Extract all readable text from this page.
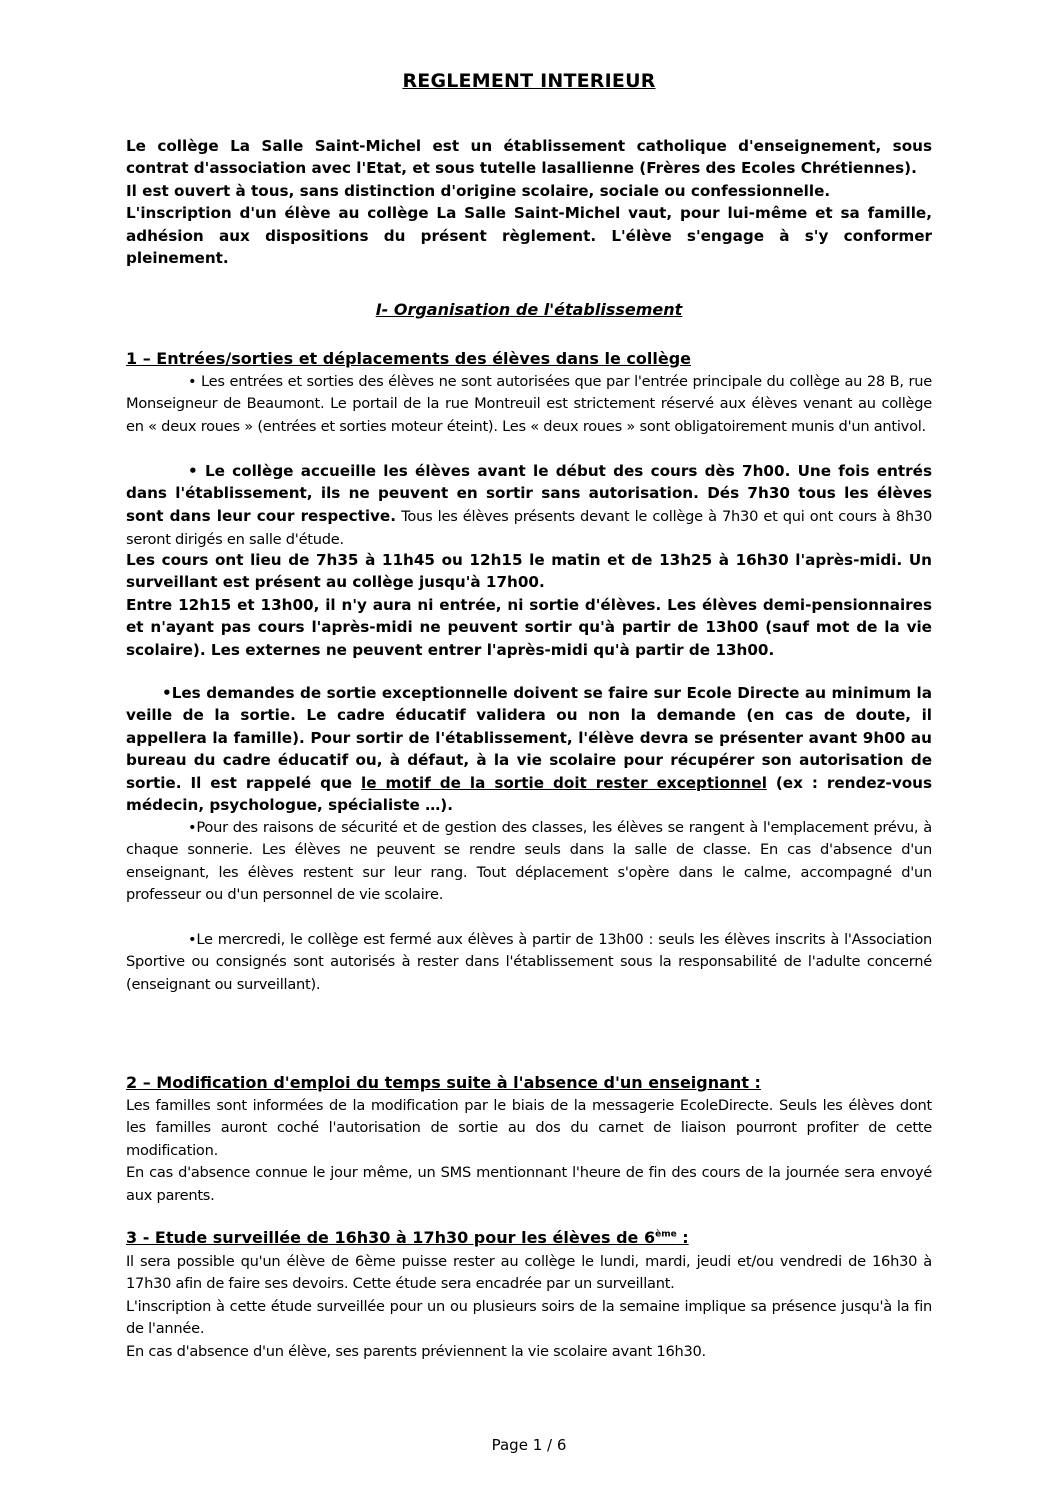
REGLEMENT INTERIEUR

Le collège La Salle Saint-Michel est un établissement catholique d'enseignement, sous contrat d'association avec l'Etat, et sous tutelle lasallienne (Frères des Ecoles Chrétiennes).

Il est ouvert à tous, sans distinction d'origine scolaire, sociale ou confessionnelle.

L'inscription d'un élève au collège La Salle Saint-Michel vaut, pour lui-même et sa famille, adhésion aux dispositions du présent règlement. L'élève s'engage à s'y conformer pleinement.

I- Organisation de l'établissement
1 – Entrées/sorties et déplacements des élèves dans le collège

• Les entrées et sorties des élèves ne sont autorisées que par l'entrée principale du collège au 28 B, rue Monseigneur de Beaumont. Le portail de la rue Montreuil est strictement réservé aux élèves venant au collège en « deux roues » (entrées et sorties moteur éteint). Les « deux roues » sont obligatoirement munis d'un antivol.

• Le collège accueille les élèves avant le début des cours dès 7h00. Une fois entrés dans l'établissement, ils ne peuvent en sortir sans autorisation. Dés 7h30 tous les élèves sont dans leur cour respective. Tous les élèves présents devant le collège à 7h30 et qui ont cours à 8h30 seront dirigés en salle d'étude.

Les cours ont lieu de 7h35 à 11h45 ou 12h15 le matin et de 13h25 à 16h30 l'après-midi. Un surveillant est présent au collège jusqu'à 17h00.

Entre 12h15 et 13h00, il n'y aura ni entrée, ni sortie d'élèves. Les élèves demi-pensionnaires et n'ayant pas cours l'après-midi ne peuvent sortir qu'à partir de 13h00 (sauf mot de la vie scolaire). Les externes ne peuvent entrer l'après-midi qu'à partir de 13h00.

•Les demandes de sortie exceptionnelle doivent se faire sur Ecole Directe au minimum la veille de la sortie. Le cadre éducatif validera ou non la demande (en cas de doute, il appellera la famille). Pour sortir de l'établissement, l'élève devra se présenter avant 9h00 au bureau du cadre éducatif ou, à défaut, à la vie scolaire pour récupérer son autorisation de sortie. Il est rappelé que le motif de la sortie doit rester exceptionnel (ex : rendez-vous médecin, psychologue, spécialiste …).

•Pour des raisons de sécurité et de gestion des classes, les élèves se rangent à l'emplacement prévu, à chaque sonnerie. Les élèves ne peuvent se rendre seuls dans la salle de classe. En cas d'absence d'un enseignant, les élèves restent sur leur rang. Tout déplacement s'opère dans le calme, accompagné d'un professeur ou d'un personnel de vie scolaire.

•Le mercredi, le collège est fermé aux élèves à partir de 13h00 : seuls les élèves inscrits à l'Association Sportive ou consignés sont autorisés à rester dans l'établissement sous la responsabilité de l'adulte concerné (enseignant ou surveillant).

2 – Modification d'emploi du temps suite à l'absence d'un enseignant :

Les familles sont informées de la modification par le biais de la messagerie EcoleDirecte. Seuls les élèves dont les familles auront coché l'autorisation de sortie au dos du carnet de liaison pourront profiter de cette modification.

En cas d'absence connue le jour même, un SMS mentionnant l'heure de fin des cours de la journée sera envoyé aux parents.

3 - Etude surveillée de 16h30 à 17h30 pour les élèves de 6ème :

Il sera possible qu'un élève de 6ème puisse rester au collège le lundi, mardi, jeudi et/ou vendredi de 16h30 à 17h30 afin de faire ses devoirs. Cette étude sera encadrée par un surveillant.

L'inscription à cette étude surveillée pour un ou plusieurs soirs de la semaine implique sa présence jusqu'à la fin de l'année.

En cas d'absence d'un élève, ses parents préviennent la vie scolaire avant 16h30.

Page 1 / 6
